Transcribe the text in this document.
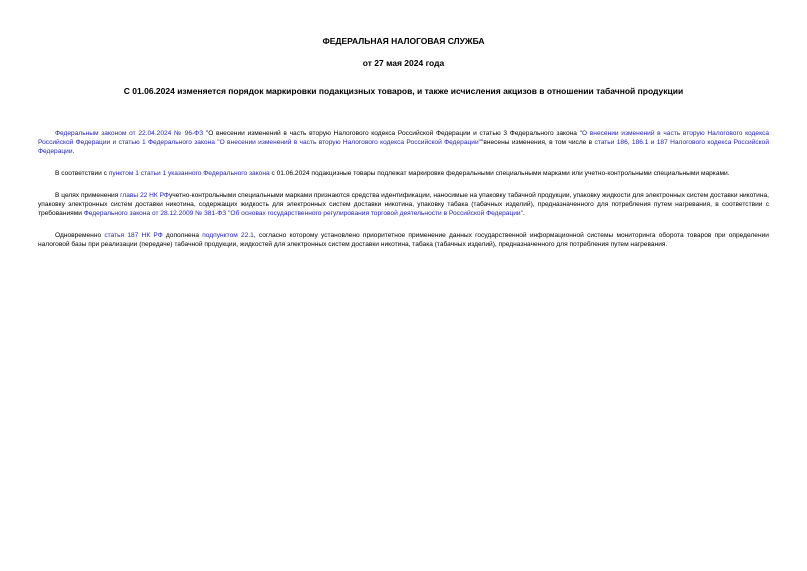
ФЕДЕРАЛЬНАЯ НАЛОГОВАЯ СЛУЖБА
от 27 мая 2024 года
С 01.06.2024 изменяется порядок маркировки подакцизных товаров, и также исчисления акцизов в отношении табачной продукции

Федеральным законом от 22.04.2024 № 96-ФЗ "О внесении изменений в часть вторую Налогового кодекса Российской Федерации и статью 3 Федерального закона "О внесении изменений в часть вторую Налогового кодекса Российской Федерации и статью 1 Федерального закона "О внесении изменений в часть вторую Налогового кодекса Российской Федерации""внесены изменения, в том числе в статьи 186, 186.1 и 187 Налогового кодекса Российской Федерации.

В соответствии с пунктом 1 статьи 1 указанного Федерального закона с 01.06.2024 подакцизные товары подлежат маркировке федеральными специальными марками или учетно-контрольными специальными марками.

В целях применения главы 22 НК РФучетно-контрольными специальными марками признаются средства идентификации, наносимые на упаковку табачной продукции, упаковку жидкости для электронных систем доставки никотина, упаковку электронных систем доставки никотина, содержащих жидкость для электронных систем доставки никотина, упаковку табака (табачных изделий), предназначенного для потребления путем нагревания, в соответствии с требованиями Федерального закона от 28.12.2009 № 381-ФЗ "Об основах государственного регулирования торговой деятельности в Российской Федерации".

Одновременно статья 187 НК РФ дополнена подпунктом 22.1, согласно которому установлено приоритетное применение данных государственной информационной системы мониторинга оборота товаров при определении налоговой базы при реализации (передаче) табачной продукции, жидкостей для электронных систем доставки никотина, табака (табачных изделий), предназначенного для потребления путем нагревания.
